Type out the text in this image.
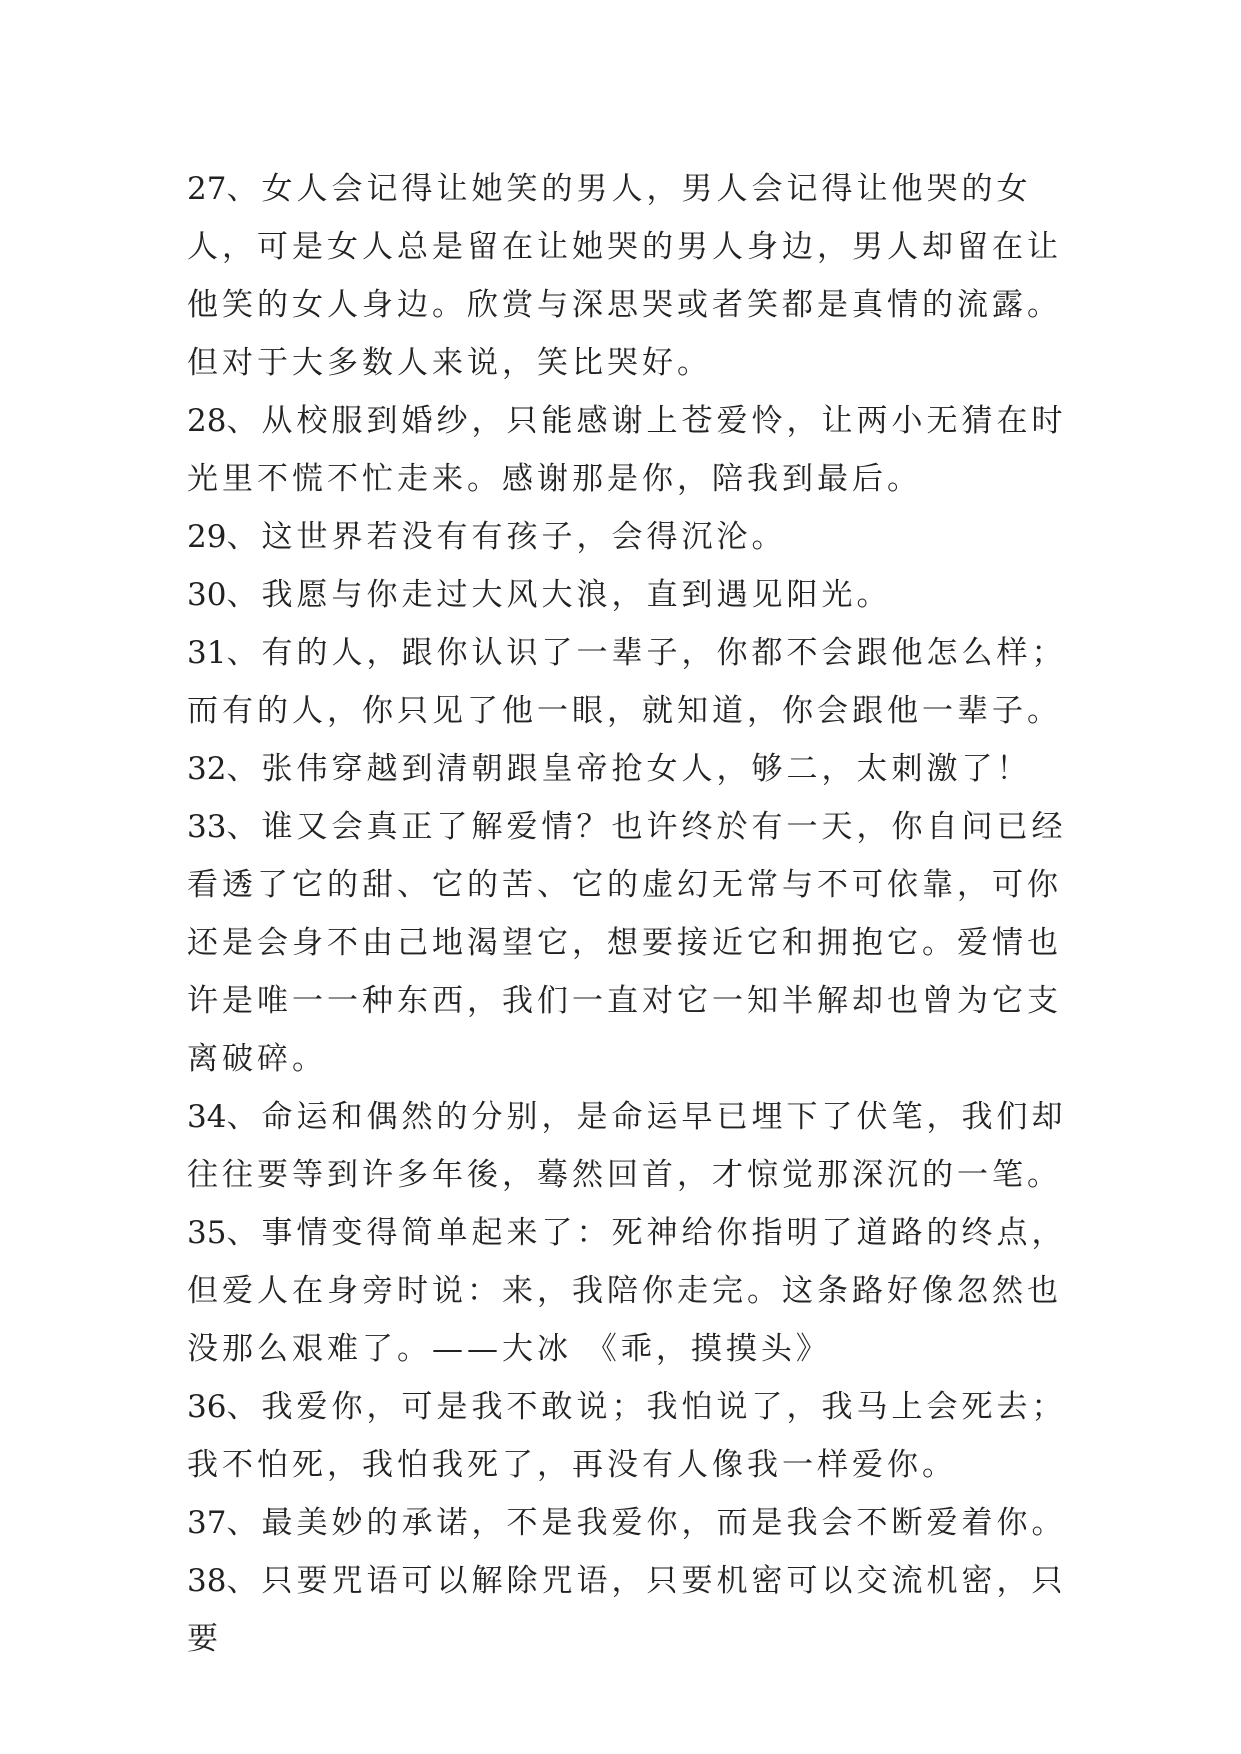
27、女人会记得让她笑的男人，男人会记得让他哭的女人，可是女人总是留在让她哭的男人身边，男人却留在让他笑的女人身边。欣赏与深思哭或者笑都是真情的流露。但对于大多数人来说，笑比哭好。

28、从校服到婚纱，只能感谢上苍爱怜，让两小无猜在时光里不慌不忙走来。感谢那是你，陪我到最后。

29、这世界若没有有孩子，会得沉沦。

30、我愿与你走过大风大浪，直到遇见阳光。

31、有的人，跟你认识了一辈子，你都不会跟他怎么样；而有的人，你只见了他一眼，就知道，你会跟他一辈子。

32、张伟穿越到清朝跟皇帝抢女人，够二，太刺激了！

33、谁又会真正了解爱情？也许终於有一天，你自问已经看透了它的甜、它的苦、它的虚幻无常与不可依靠，可你还是会身不由己地渴望它，想要接近它和拥抱它。爱情也许是唯一一种东西，我们一直对它一知半解却也曾为它支离破碎。

34、命运和偶然的分别，是命运早已埋下了伏笔，我们却往往要等到许多年後，蓦然回首，才惊觉那深沉的一笔。

35、事情变得简单起来了：死神给你指明了道路的终点，但爱人在身旁时说：来，我陪你走完。这条路好像忽然也没那么艰难了。——大冰 《乖，摸摸头》

36、我爱你，可是我不敢说；我怕说了，我马上会死去；我不怕死，我怕我死了，再没有人像我一样爱你。

37、最美妙的承诺，不是我爱你，而是我会不断爱着你。

38、只要咒语可以解除咒语，只要机密可以交流机密，只要
